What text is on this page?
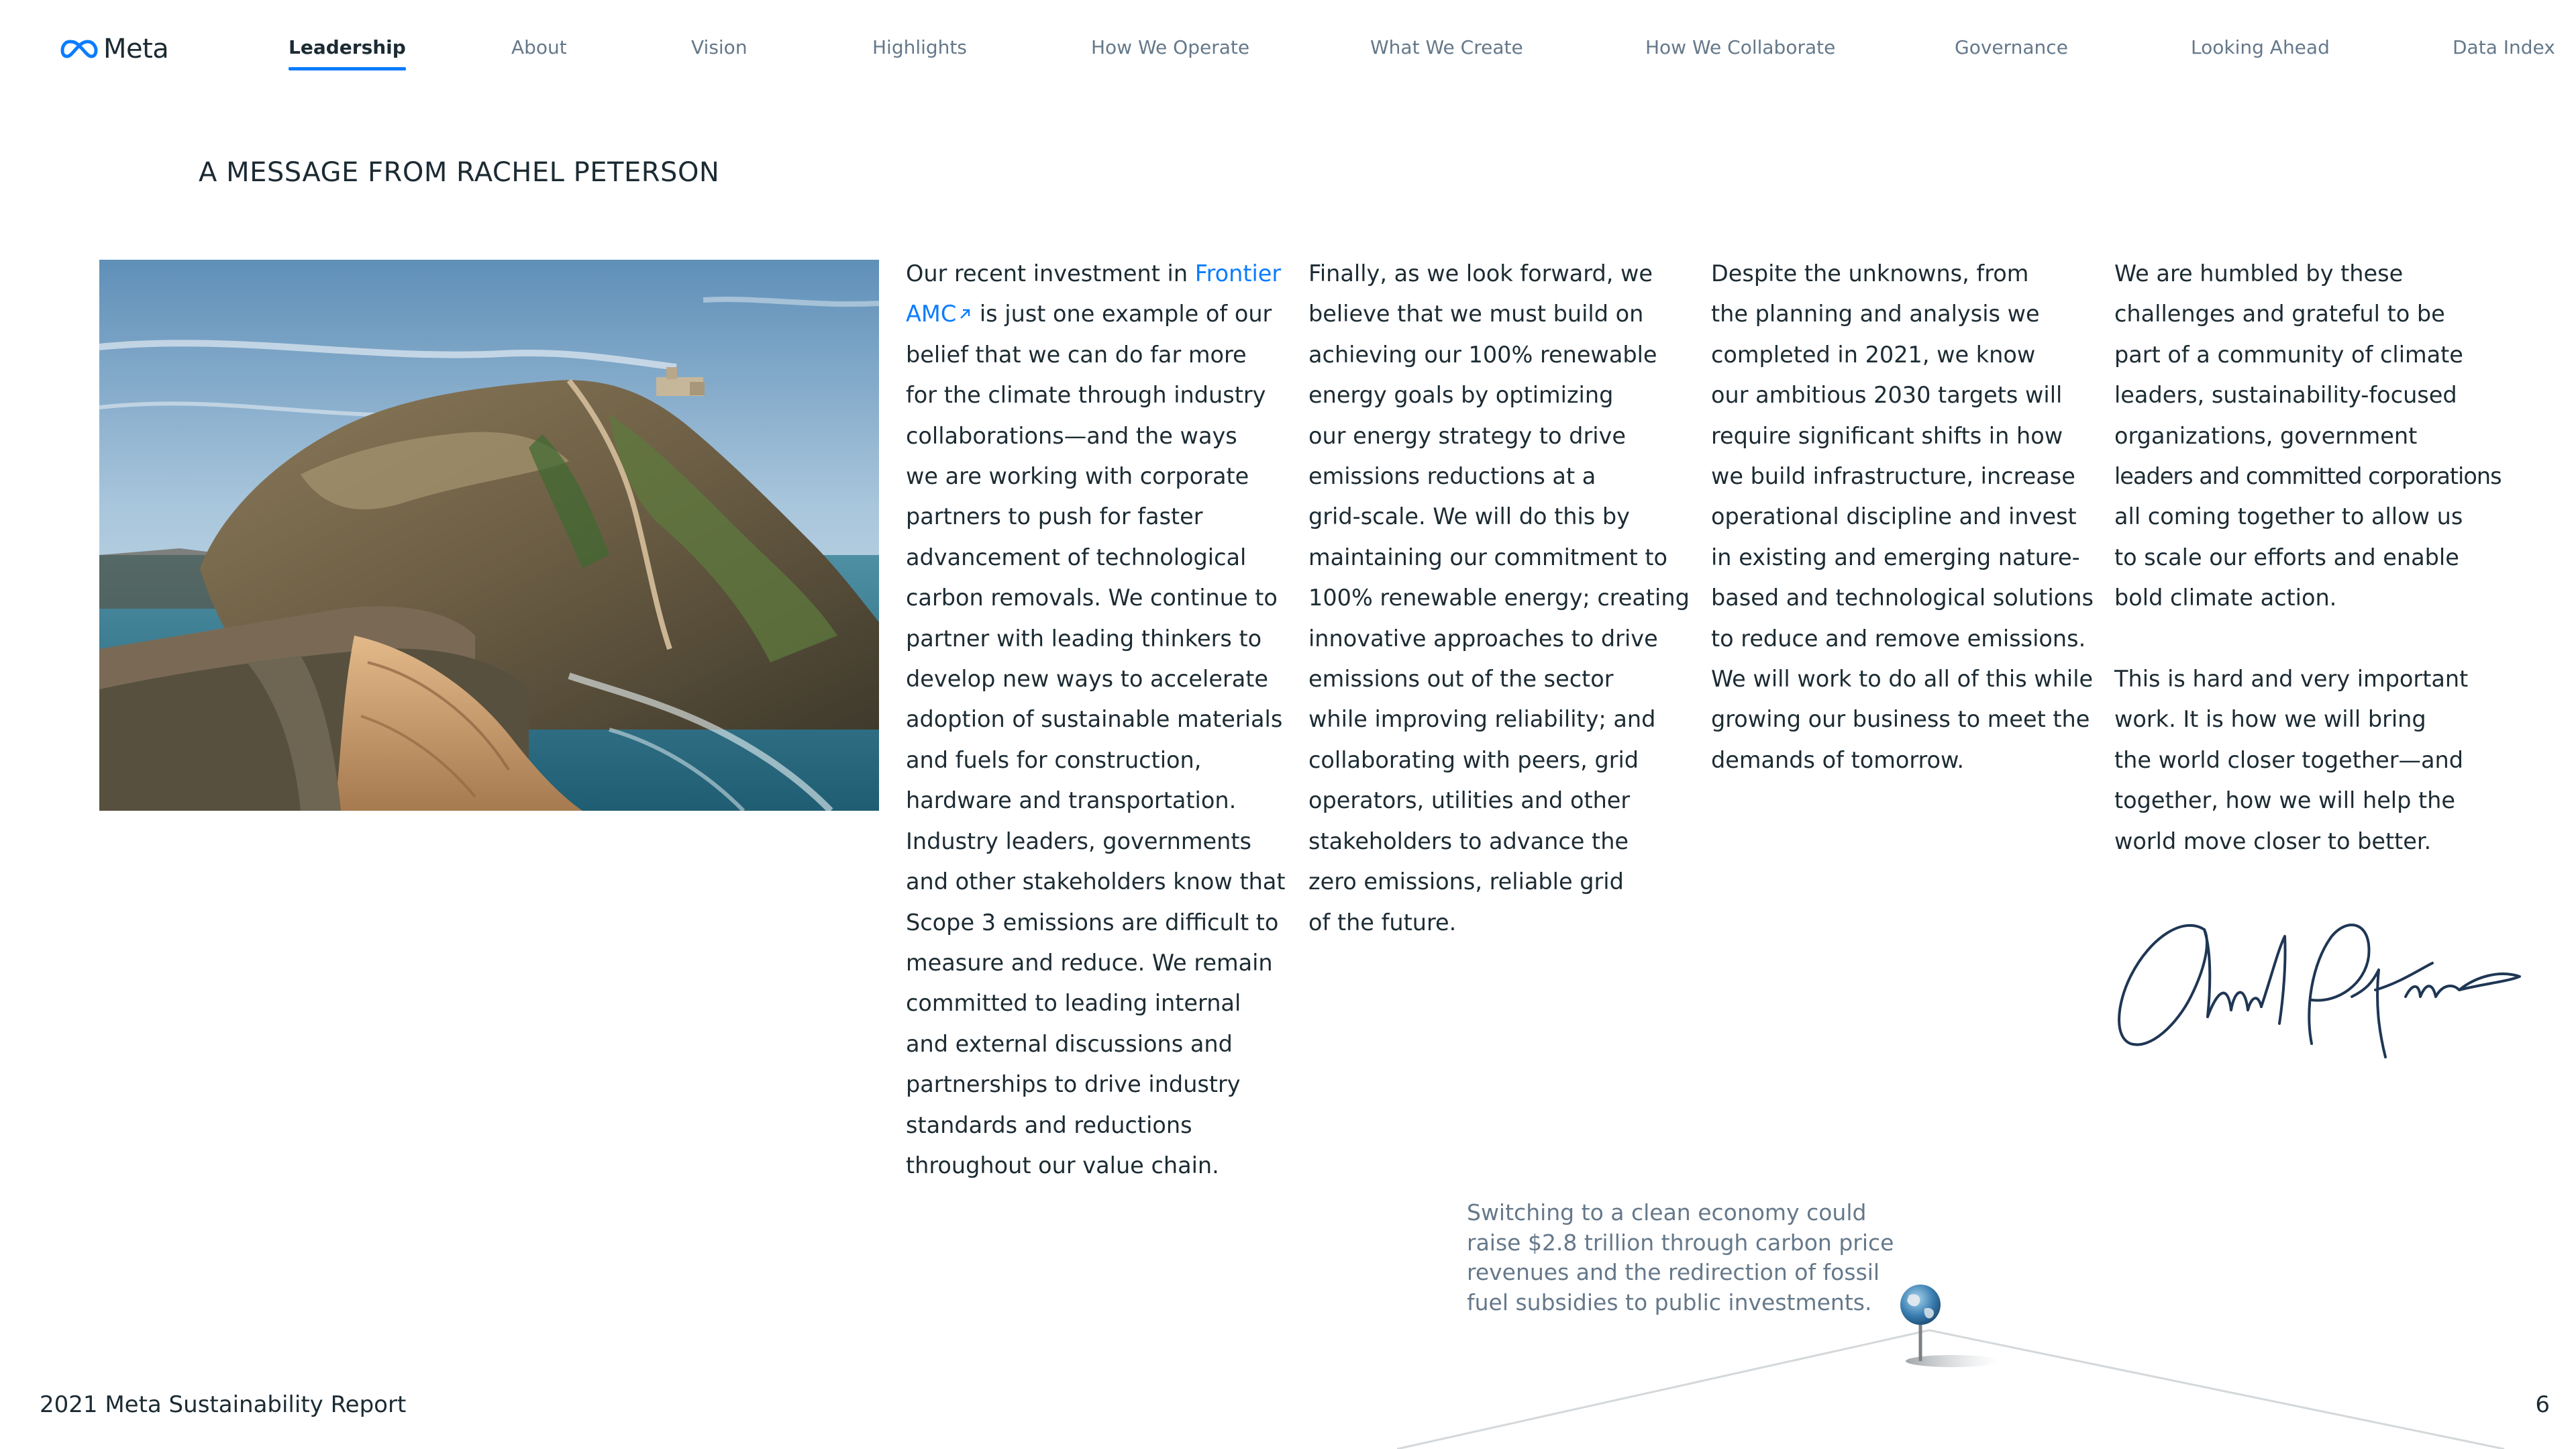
Meta	Leadership	About	Vision	Highlights	How We Operate	What We Create	How We Collaborate	Governance	Looking Ahead	Data Index
A MESSAGE FROM RACHEL PETERSON
Our recent investment in Frontier
AMC is just one example of our
belief that we can do far more
for the climate through industry
collaborations—and the ways
we are working with corporate
partners to push for faster
advancement of technological
carbon removals. We continue to
partner with leading thinkers to
develop new ways to accelerate
adoption of sustainable materials
and fuels for construction,
hardware and transportation.
Industry leaders, governments
and other stakeholders know that
Scope 3 emissions are difficult to
measure and reduce. We remain
committed to leading internal
and external discussions and
partnerships to drive industry
standards and reductions
throughout our value chain.
Finally, as we look forward, we
believe that we must build on
achieving our 100% renewable
energy goals by optimizing
our energy strategy to drive
emissions reductions at a
grid-scale. We will do this by
maintaining our commitment to
100% renewable energy; creating
innovative approaches to drive
emissions out of the sector
while improving reliability; and
collaborating with peers, grid
operators, utilities and other
stakeholders to advance the
zero emissions, reliable grid
of the future.
Despite the unknowns, from
the planning and analysis we
completed in 2021, we know
our ambitious 2030 targets will
require significant shifts in how
we build infrastructure, increase
operational discipline and invest
in existing and emerging nature-
based and technological solutions
to reduce and remove emissions.
We will work to do all of this while
growing our business to meet the
demands of tomorrow.
We are humbled by these
challenges and grateful to be
part of a community of climate
leaders, sustainability-focused
organizations, government
leaders and committed corporations
all coming together to allow us
to scale our efforts and enable
bold climate action.
This is hard and very important
work. It is how we will bring
the world closer together—and
together, how we will help the
world move closer to better.
Switching to a clean economy could
raise $2.8 trillion through carbon price
revenues and the redirection of fossil
fuel subsidies to public investments.
2021 Meta Sustainability Report	6
